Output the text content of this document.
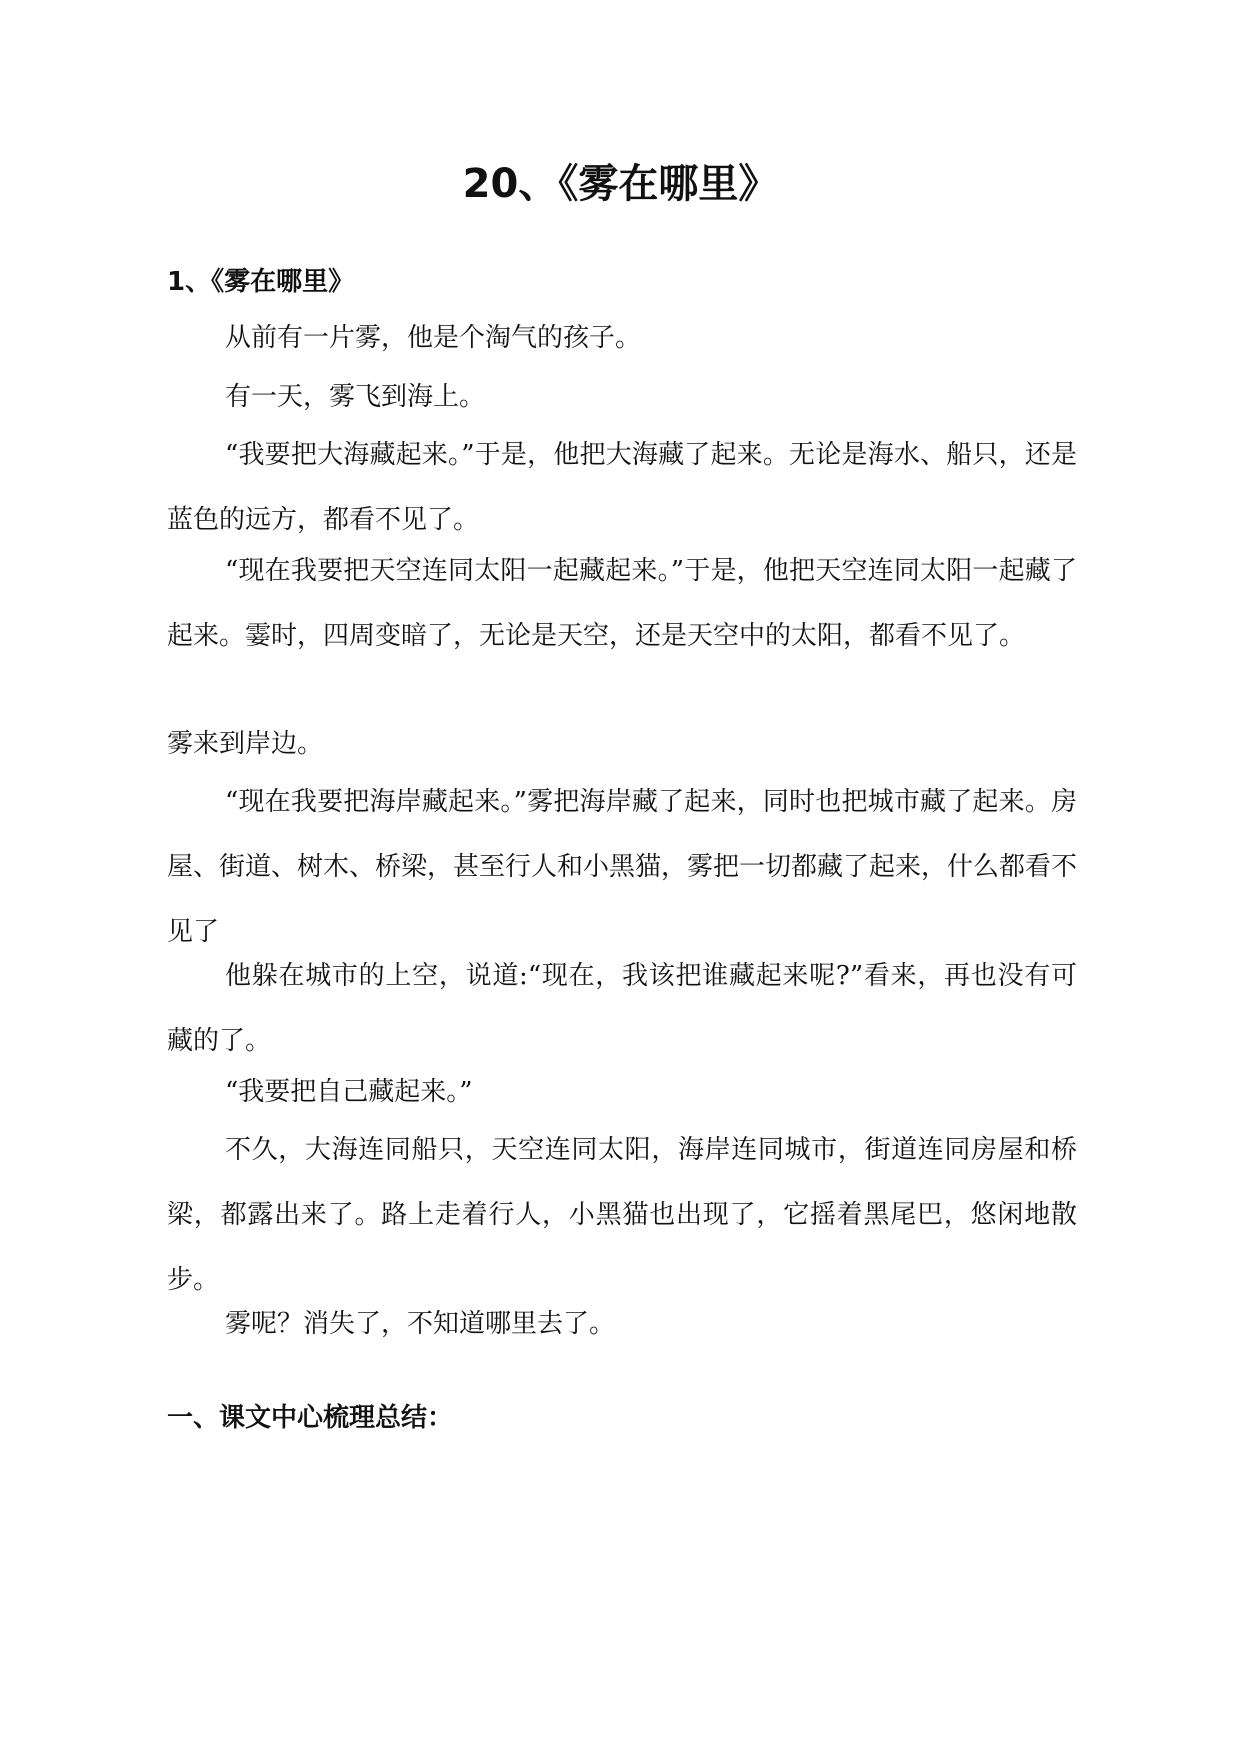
20、《雾在哪里》
1、《雾在哪里》

从前有一片雾，他是个淘气的孩子。

有一天，雾飞到海上。

“我要把大海藏起来。”于是，他把大海藏了起来。无论是海水、船只，还是蓝色的远方，都看不见了。

“现在我要把天空连同太阳一起藏起来。”于是，他把天空连同太阳一起藏了起来。霎时，四周变暗了，无论是天空，还是天空中的太阳，都看不见了。

雾来到岸边。

“现在我要把海岸藏起来。”雾把海岸藏了起来，同时也把城市藏了起来。房屋、街道、树木、桥梁，甚至行人和小黑猫，雾把一切都藏了起来，什么都看不见了

他躲在城市的上空，说道:“现在，我该把谁藏起来呢?”看来，再也没有可藏的了。

“我要把自己藏起来。”

不久，大海连同船只，天空连同太阳，海岸连同城市，街道连同房屋和桥梁，都露出来了。路上走着行人，小黑猫也出现了，它摇着黑尾巴，悠闲地散步。

雾呢？消失了，不知道哪里去了。

一、课文中心梳理总结：
